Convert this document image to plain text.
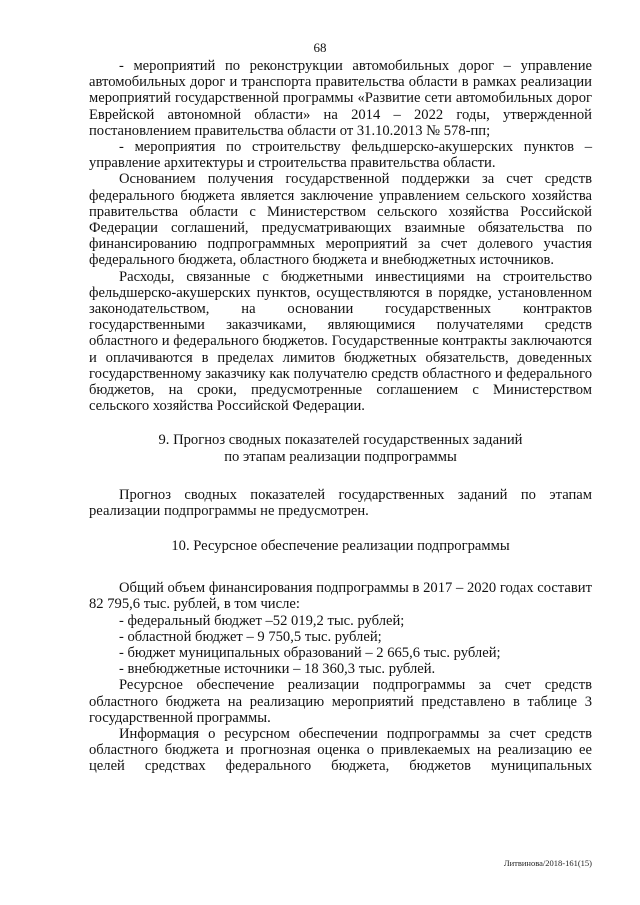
68

- мероприятий по реконструкции автомобильных дорог – управление автомобильных дорог и транспорта правительства области в рамках реализации мероприятий государственной программы «Развитие сети автомобильных дорог Еврейской автономной области» на 2014 – 2022 годы, утвержденной постановлением правительства области от 31.10.2013 № 578-пп;

- мероприятия по строительству фельдшерско-акушерских пунктов – управление архитектуры и строительства правительства области.

Основанием получения государственной поддержки за счет средств федерального бюджета является заключение управлением сельского хозяйства правительства области с Министерством сельского хозяйства Российской Федерации соглашений, предусматривающих взаимные обязательства по финансированию подпрограммных мероприятий за счет долевого участия федерального бюджета, областного бюджета и внебюджетных источников.

Расходы, связанные с бюджетными инвестициями на строительство фельдшерско-акушерских пунктов, осуществляются в порядке, установленном законодательством, на основании государственных контрактов государственными заказчиками, являющимися получателями средств областного и федерального бюджетов. Государственные контракты заключаются и оплачиваются в пределах лимитов бюджетных обязательств, доведенных государственному заказчику как получателю средств областного и федерального бюджетов, на сроки, предусмотренные соглашением с Министерством сельского хозяйства Российской Федерации.

9. Прогноз сводных показателей государственных заданий
по этапам реализации подпрограммы

Прогноз сводных показателей государственных заданий по этапам реализации подпрограммы не предусмотрен.

10. Ресурсное обеспечение реализации подпрограммы

Общий объем финансирования подпрограммы в 2017 – 2020 годах составит 82 795,6 тыс. рублей, в том числе:

- федеральный бюджет –52 019,2 тыс. рублей;

- областной бюджет – 9 750,5 тыс. рублей;

- бюджет муниципальных образований – 2 665,6 тыс. рублей;

- внебюджетные источники – 18 360,3 тыс. рублей.

Ресурсное обеспечение реализации подпрограммы за счет средств областного бюджета на реализацию мероприятий представлено в таблице 3 государственной программы.

Информация о ресурсном обеспечении подпрограммы за счет средств областного бюджета и прогнозная оценка о привлекаемых на реализацию ее целей средствах федерального бюджета, бюджетов муниципальных

Литвинова/2018-161(15)
